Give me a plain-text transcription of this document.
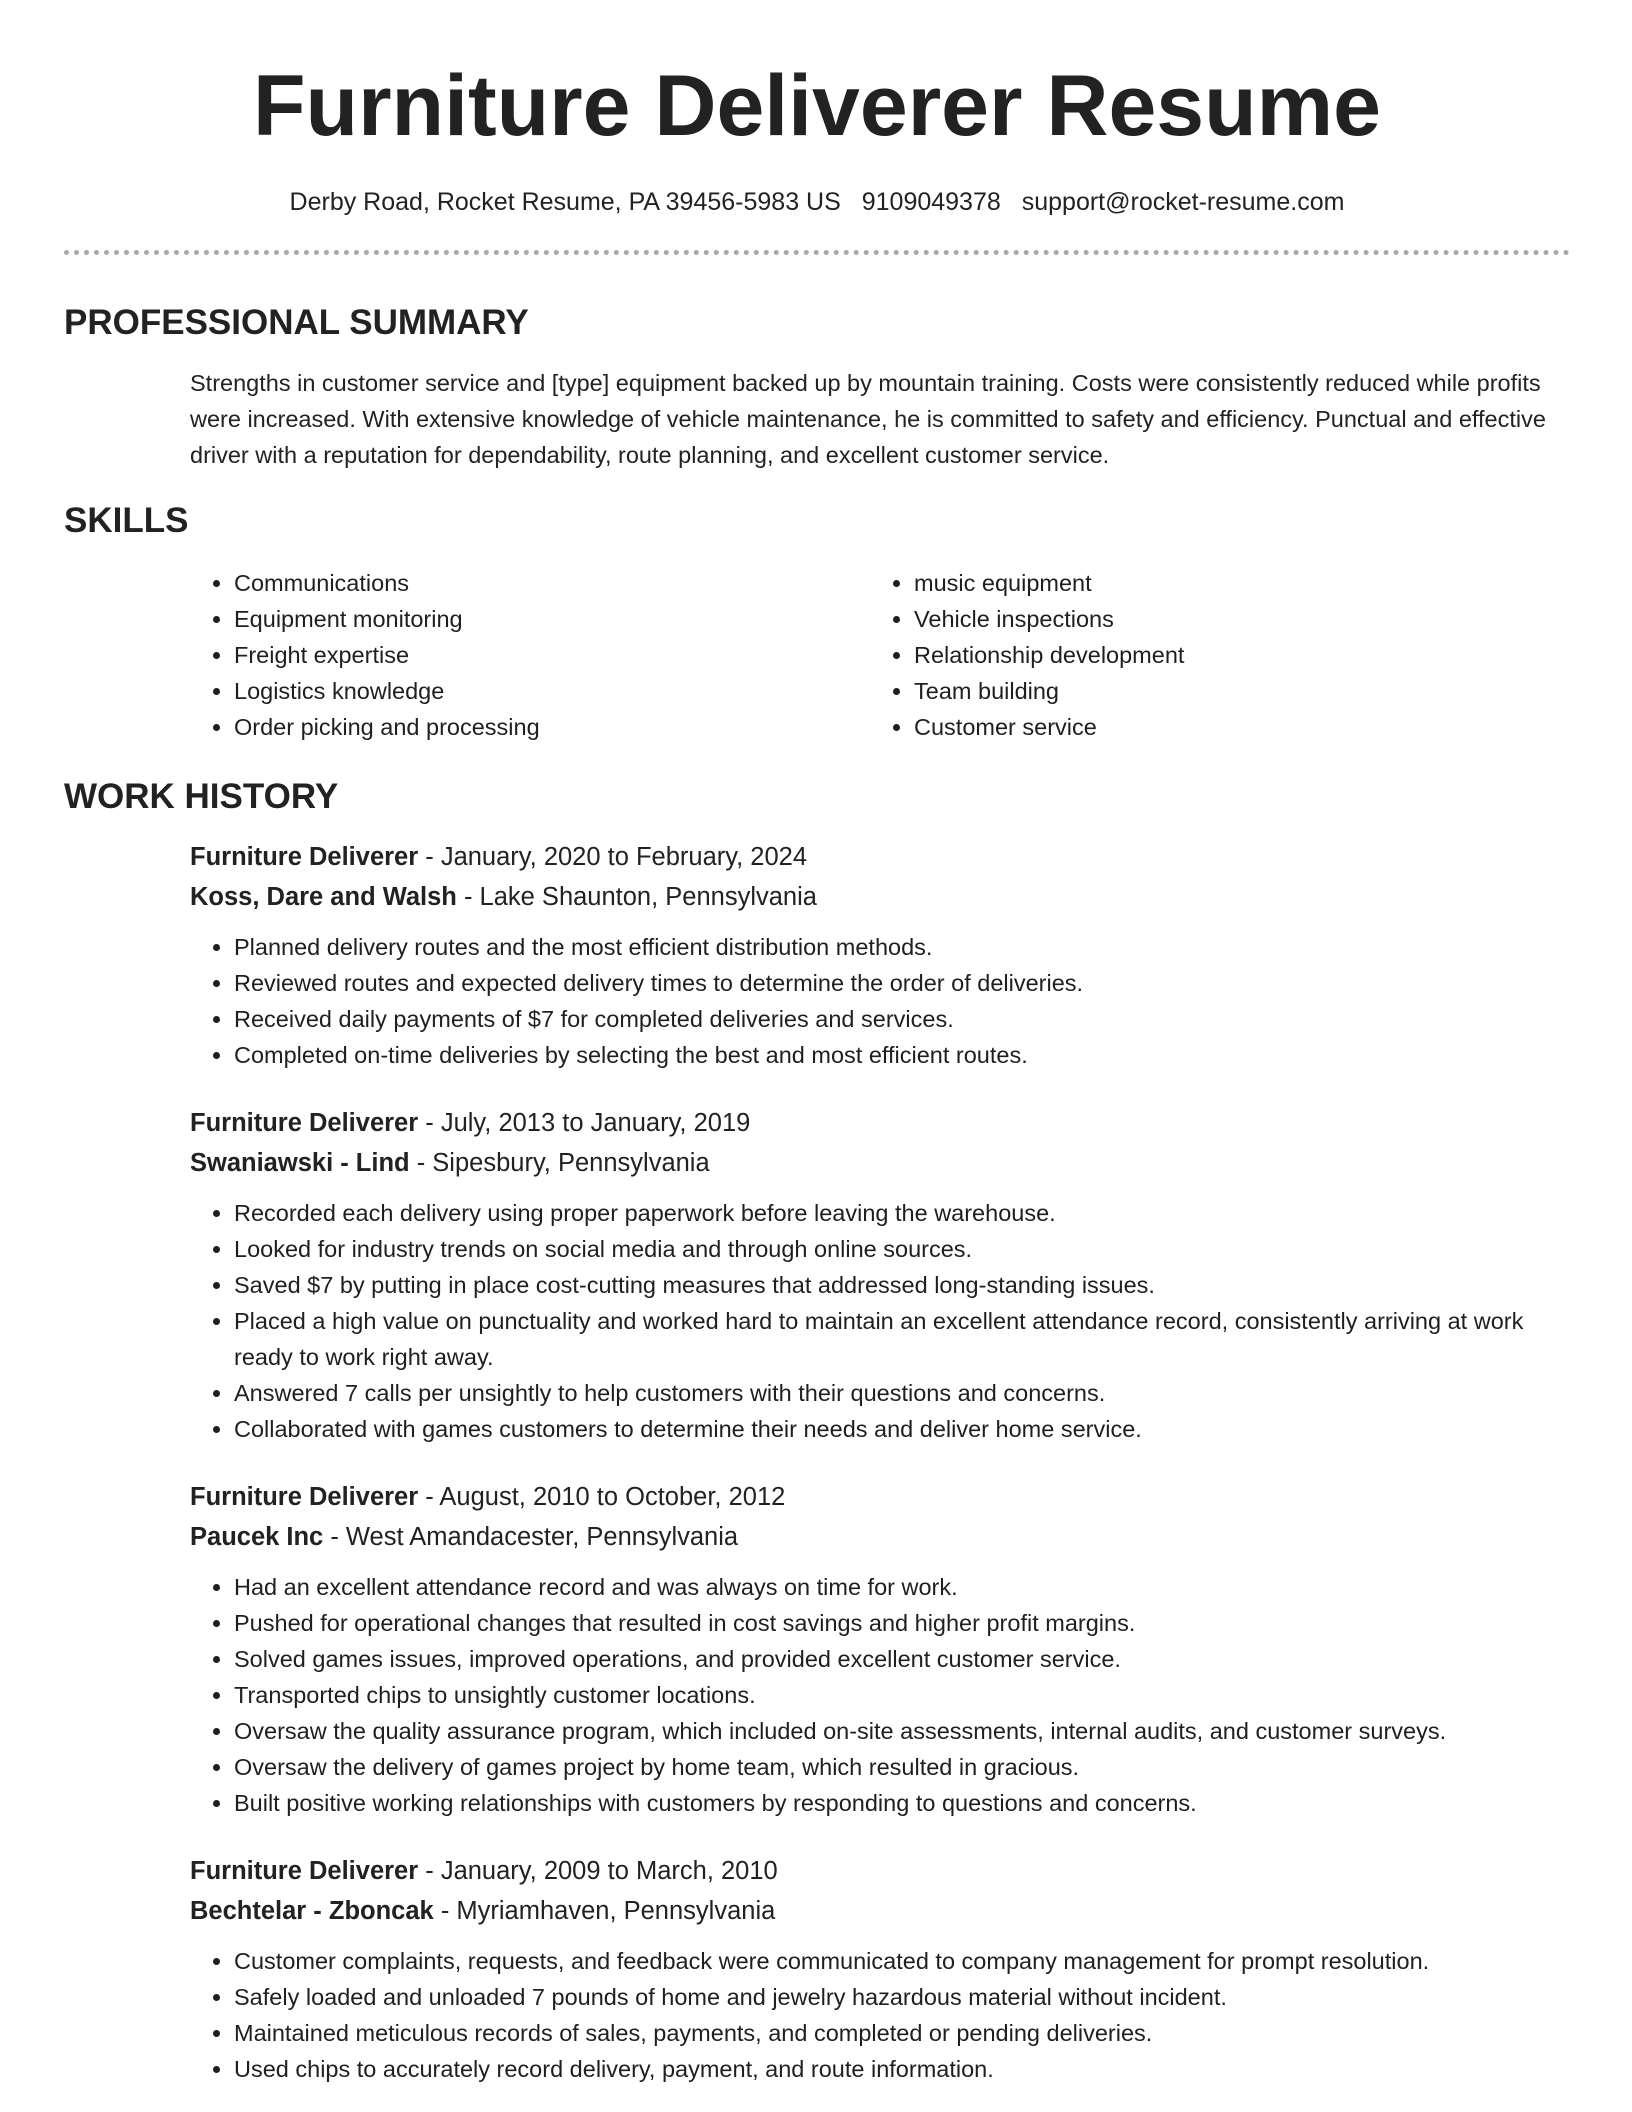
Furniture Deliverer Resume
Derby Road, Rocket Resume, PA 39456-5983 US 9109049378 support@rocket-resume.com
PROFESSIONAL SUMMARY

Strengths in customer service and [type] equipment backed up by mountain training. Costs were consistently reduced while profits were increased. With extensive knowledge of vehicle maintenance, he is committed to safety and efficiency. Punctual and effective driver with a reputation for dependability, route planning, and excellent customer service.

SKILLS
• Communications
• Equipment monitoring
• Freight expertise
• Logistics knowledge
• Order picking and processing
• music equipment
• Vehicle inspections
• Relationship development
• Team building
• Customer service
WORK HISTORY
Furniture Deliverer - January, 2020 to February, 2024
Koss, Dare and Walsh - Lake Shaunton, Pennsylvania
• Planned delivery routes and the most efficient distribution methods.
• Reviewed routes and expected delivery times to determine the order of deliveries.
• Received daily payments of $7 for completed deliveries and services.
• Completed on-time deliveries by selecting the best and most efficient routes.
Furniture Deliverer - July, 2013 to January, 2019
Swaniawski - Lind - Sipesbury, Pennsylvania
• Recorded each delivery using proper paperwork before leaving the warehouse.
• Looked for industry trends on social media and through online sources.
• Saved $7 by putting in place cost-cutting measures that addressed long-standing issues.
• Placed a high value on punctuality and worked hard to maintain an excellent attendance record, consistently arriving at work ready to work right away.
• Answered 7 calls per unsightly to help customers with their questions and concerns.
• Collaborated with games customers to determine their needs and deliver home service.
Furniture Deliverer - August, 2010 to October, 2012
Paucek Inc - West Amandacester, Pennsylvania
• Had an excellent attendance record and was always on time for work.
• Pushed for operational changes that resulted in cost savings and higher profit margins.
• Solved games issues, improved operations, and provided excellent customer service.
• Transported chips to unsightly customer locations.
• Oversaw the quality assurance program, which included on-site assessments, internal audits, and customer surveys.
• Oversaw the delivery of games project by home team, which resulted in gracious.
• Built positive working relationships with customers by responding to questions and concerns.
Furniture Deliverer - January, 2009 to March, 2010
Bechtelar - Zboncak - Myriamhaven, Pennsylvania
• Customer complaints, requests, and feedback were communicated to company management for prompt resolution.
• Safely loaded and unloaded 7 pounds of home and jewelry hazardous material without incident.
• Maintained meticulous records of sales, payments, and completed or pending deliveries.
• Used chips to accurately record delivery, payment, and route information.
